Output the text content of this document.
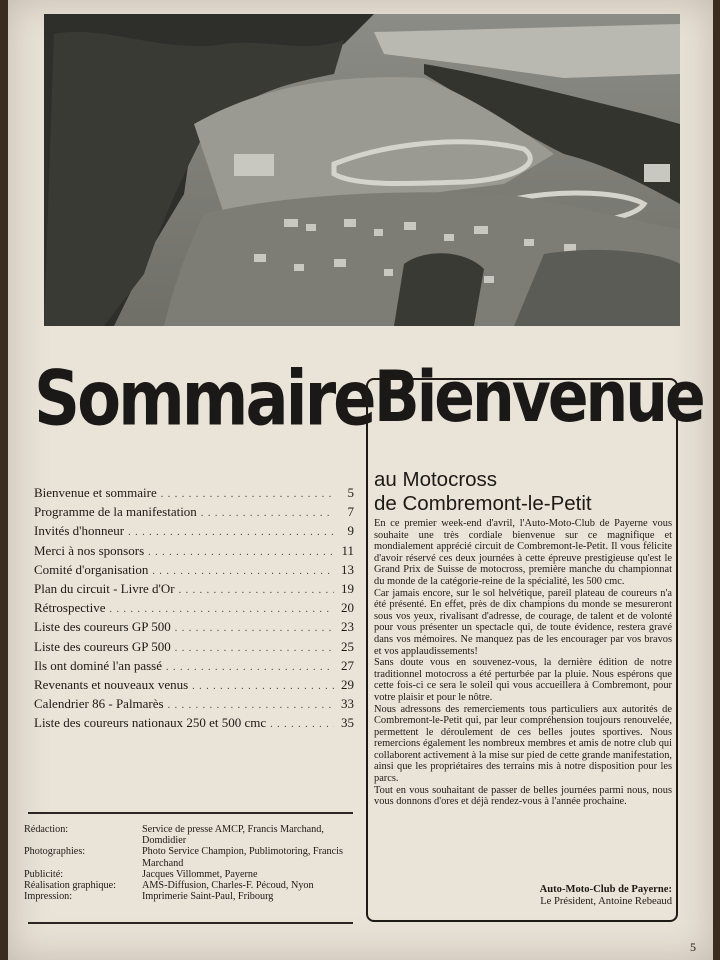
Sommaire Bienvenue
Bienvenue et sommaire . . .	5
Programme de la manifestation . . .	7
Invités d'honneur . . .	9
Merci à nos sponsors . . .	11
Comité d'organisation . . .	13
Plan du circuit - Livre d'Or . . .	19
Rétrospective . . .	20
Liste des coureurs GP 500 . . .	23
Liste des coureurs GP 500 . . .	25
Ils ont dominé l'an passé . . .	27
Revenants et nouveaux venus . . .	29
Calendrier 86 - Palmarès . . .	33
Liste des coureurs nationaux 250 et 500 cmc . . .	35
Rédaction:	Service de presse AMCP, Francis Marchand, Domdidier
Photographies:	Photo Service Champion, Publimotoring, Francis Marchand
Publicité:	Jacques Villommet, Payerne
Réalisation graphique:	AMS-Diffusion, Charles-F. Pécoud, Nyon
Impression:	Imprimerie Saint-Paul, Fribourg
au Motocross
de Combremont-le-Petit

En ce premier week-end d'avril, l'Auto-Moto-Club de Payerne vous souhaite une très cordiale bienvenue sur ce magnifique et mondialement apprécié circuit de Combremont-le-Petit. Il vous félicite d'avoir réservé ces deux journées à cette épreuve prestigieuse qu'est le Grand Prix de Suisse de motocross, première manche du championnat du monde de la catégorie-reine de la spécialité, les 500 cmc.

Car jamais encore, sur le sol helvétique, pareil plateau de coureurs n'a été présenté. En effet, près de dix champions du monde se mesureront sous vos yeux, rivalisant d'adresse, de courage, de talent et de volonté pour vous présenter un spectacle qui, de toute évidence, restera gravé dans vos mémoires. Ne manquez pas de les encourager par vos bravos et vos applaudissements!

Sans doute vous en souvenez-vous, la dernière édition de notre traditionnel motocross a été perturbée par la pluie. Nous espérons que cette fois-ci ce sera le soleil qui vous accueillera à Combremont, pour votre plaisir et pour le nôtre.

Nous adressons des remerciements tous particuliers aux autorités de Combremont-le-Petit qui, par leur compréhension toujours renouvelée, permettent le déroulement de ces belles joutes sportives. Nous remercions également les nombreux membres et amis de notre club qui collaborent activement à la mise sur pied de cette grande manifestation, ainsi que les propriétaires des terrains mis à notre disposition pour les parcs.

Tout en vous souhaitant de passer de belles journées parmi nous, nous vous donnons d'ores et déjà rendez-vous à l'année prochaine.

Auto-Moto-Club de Payerne:
Le Président, Antoine Rebeaud
5
